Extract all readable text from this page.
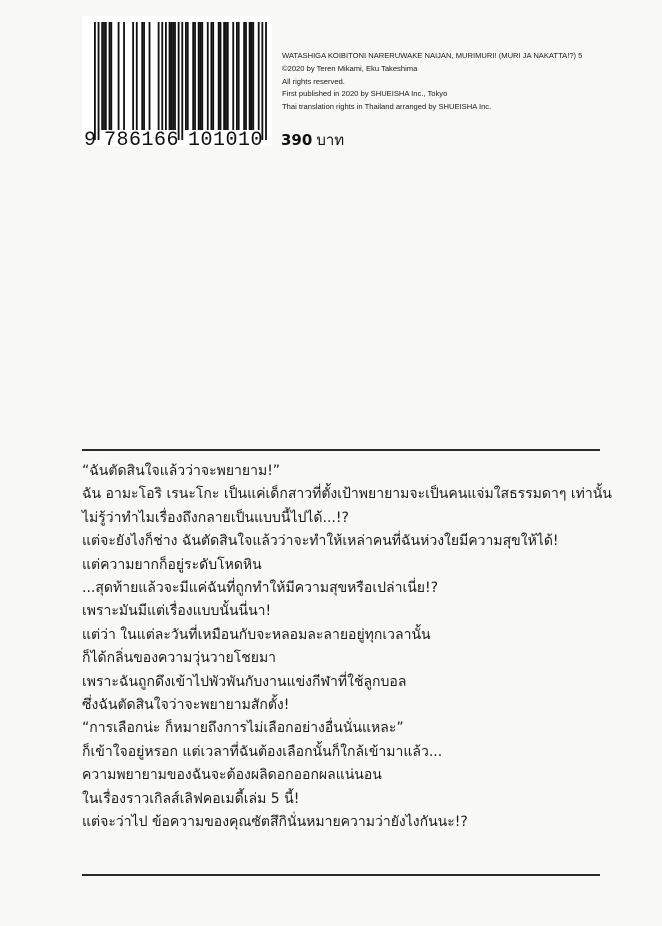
9 786166 101010
WATASHIGA KOIBITONI NARERUWAKE NAIJAN, MURIMURI! (MURI JA NAKATTA!?) 5
©2020 by Teren Mikami, Eku Takeshima
All rights reserved.
First published in 2020 by SHUEISHA Inc., Tokyo
Thai translation rights in Thailand arranged by SHUEISHA Inc.
390 บาท
“ฉันตัดสินใจแล้วว่าจะพยายาม!”
ฉัน อามะโอริ เรนะโกะ เป็นแค่เด็กสาวที่ตั้งเป้าพยายามจะเป็นคนแจ่มใสธรรมดาๆ เท่านั้น
ไม่รู้ว่าทำไมเรื่องถึงกลายเป็นแบบนี้ไปได้...!?
แต่จะยังไงก็ช่าง ฉันตัดสินใจแล้วว่าจะทำให้เหล่าคนที่ฉันห่วงใยมีความสุขให้ได้!
แต่ความยากก็อยู่ระดับโหดหิน
...สุดท้ายแล้วจะมีแค่ฉันที่ถูกทำให้มีความสุขหรือเปล่าเนี่ย!?
เพราะมันมีแต่เรื่องแบบนั้นนี่นา!
แต่ว่า ในแต่ละวันที่เหมือนกับจะหลอมละลายอยู่ทุกเวลานั้น
ก็ได้กลิ่นของความวุ่นวายโชยมา
เพราะฉันถูกดึงเข้าไปพัวพันกับงานแข่งกีฬาที่ใช้ลูกบอล
ซึ่งฉันตัดสินใจว่าจะพยายามสักตั้ง!
“การเลือกน่ะ ก็หมายถึงการไม่เลือกอย่างอื่นนั่นแหละ”
ก็เข้าใจอยู่หรอก แต่เวลาที่ฉันต้องเลือกนั้นก็ใกล้เข้ามาแล้ว...
ความพยายามของฉันจะต้องผลิดอกออกผลแน่นอน
ในเรื่องราวเกิลส์เลิฟคอเมดี้เล่ม 5 นี้!
แต่จะว่าไป ข้อความของคุณซัตสึกินั่นหมายความว่ายังไงกันนะ!?
